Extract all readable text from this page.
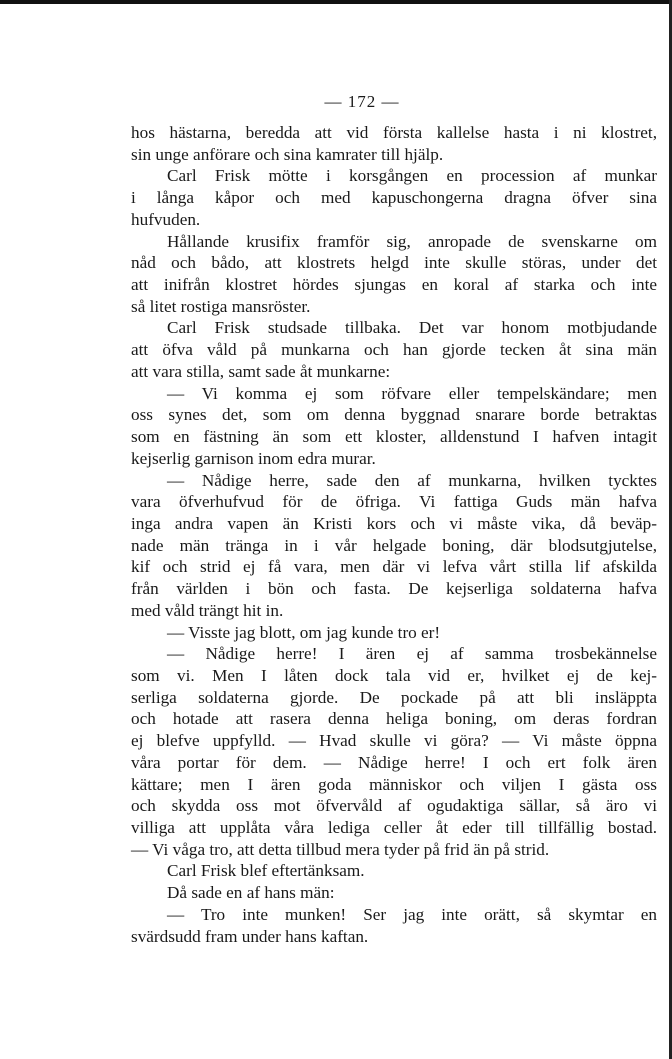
— 172 —
hos hästarna, beredda att vid första kallelse hasta i ni klostret,
sin unge anförare och sina kamrater till hjälp.
Carl Frisk mötte i korsgången en procession af munkar
i långa kåpor och med kapuschongerna dragna öfver sina
hufvuden.
Hållande krusifix framför sig, anropade de svenskarne om
nåd och bådo, att klostrets helgd inte skulle störas, under det
att inifrån klostret hördes sjungas en koral af starka och inte
så litet rostiga mansröster.
Carl Frisk studsade tillbaka. Det var honom motbjudande
att öfva våld på munkarna och han gjorde tecken åt sina män
att vara stilla, samt sade åt munkarne:
— Vi komma ej som röfvare eller tempelskändare; men
oss synes det, som om denna byggnad snarare borde betraktas
som en fästning än som ett kloster, alldenstund I hafven intagit
kejserlig garnison inom edra murar.
— Nådige herre, sade den af munkarna, hvilken tycktes
vara öfverhufvud för de öfriga. Vi fattiga Guds män hafva
inga andra vapen än Kristi kors och vi måste vika, då beväp-
nade män tränga in i vår helgade boning, där blodsutgjutelse,
kif och strid ej få vara, men där vi lefva vårt stilla lif afskilda
från världen i bön och fasta. De kejserliga soldaterna hafva
med våld trängt hit in.
— Visste jag blott, om jag kunde tro er!
— Nådige herre! I ären ej af samma trosbekännelse
som vi. Men I låten dock tala vid er, hvilket ej de kej-
serliga soldaterna gjorde. De pockade på att bli insläppta
och hotade att rasera denna heliga boning, om deras fordran
ej blefve uppfylld. — Hvad skulle vi göra? — Vi måste öppna
våra portar för dem. — Nådige herre! I och ert folk ären
kättare; men I ären goda människor och viljen I gästa oss
och skydda oss mot öfvervåld af ogudaktiga sällar, så äro vi
villiga att upplåta våra lediga celler åt eder till tillfällig bostad.
— Vi våga tro, att detta tillbud mera tyder på frid än på strid.
Carl Frisk blef eftertänksam.
Då sade en af hans män:
— Tro inte munken! Ser jag inte orätt, så skymtar en
svärdsudd fram under hans kaftan.
